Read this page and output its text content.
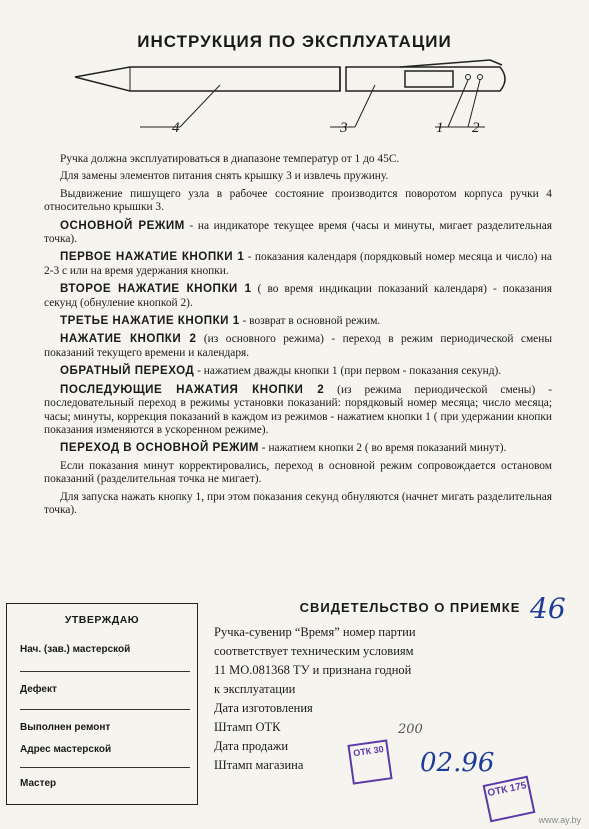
ИНСТРУКЦИЯ ПО ЭКСПЛУАТАЦИИ
4	3	1 2

Ручка должна эксплуатироваться в диапазоне температур от 1 до 45С.

Для замены элементов питания снять крышку 3 и извлечь пружину.

Выдвижение пишущего узла в рабочее состояние производится поворотом корпуса ручки 4 относительно крышки 3.

ОСНОВНОЙ РЕЖИМ - на индикаторе текущее время (часы и минуты, мигает разделительная точка).

ПЕРВОЕ НАЖАТИЕ КНОПКИ 1 - показания календаря (порядковый номер месяца и число) на 2-3 с или на время удержания кнопки.

ВТОРОЕ НАЖАТИЕ КНОПКИ 1 ( во время индикации показаний календаря) - показания секунд (обнуление кнопкой 2).

ТРЕТЬЕ НАЖАТИЕ КНОПКИ 1 - возврат в основной режим.

НАЖАТИЕ КНОПКИ 2 (из основного режима) - переход в режим периодической смены показаний текущего времени и календаря.

ОБРАТНЫЙ ПЕРЕХОД - нажатием дважды кнопки 1 (при первом - показания секунд).

ПОСЛЕДУЮЩИЕ НАЖАТИЯ КНОПКИ 2 (из режима периодической смены) - последовательный переход в режимы установки показаний: порядковый номер месяца; число месяца; часы; минуты, коррекция показаний в каждом из режимов - нажатием кнопки 1 ( при удержании кнопки показания изменяются в ускоренном режиме).

ПЕРЕХОД В ОСНОВНОЙ РЕЖИМ - нажатием кнопки 2 ( во время показаний минут).

Если показания минут корректировались, переход в основной режим сопровождается остановом показаний (разделительная точка не мигает).

Для запуска нажать кнопку 1, при этом показания секунд обнуляются (начнет мигать разделительная точка).

УТВЕРЖДАЮ
Нач. (зав.) мастерской
Дефект
Выполнен ремонт
Адрес мастерской
Мастер
СВИДЕТЕЛЬСТВО О ПРИЕМКЕ
Ручка-сувенир “Время” номер партии
соответствует техническим условиям
11 МО.081368 ТУ и признана годной
к эксплуатации
Дата изготовления
Штамп ОТК
Дата продажи
Штамп магазина
46
200
02.96
ОТК 30
ОТК 175
www.ay.by
